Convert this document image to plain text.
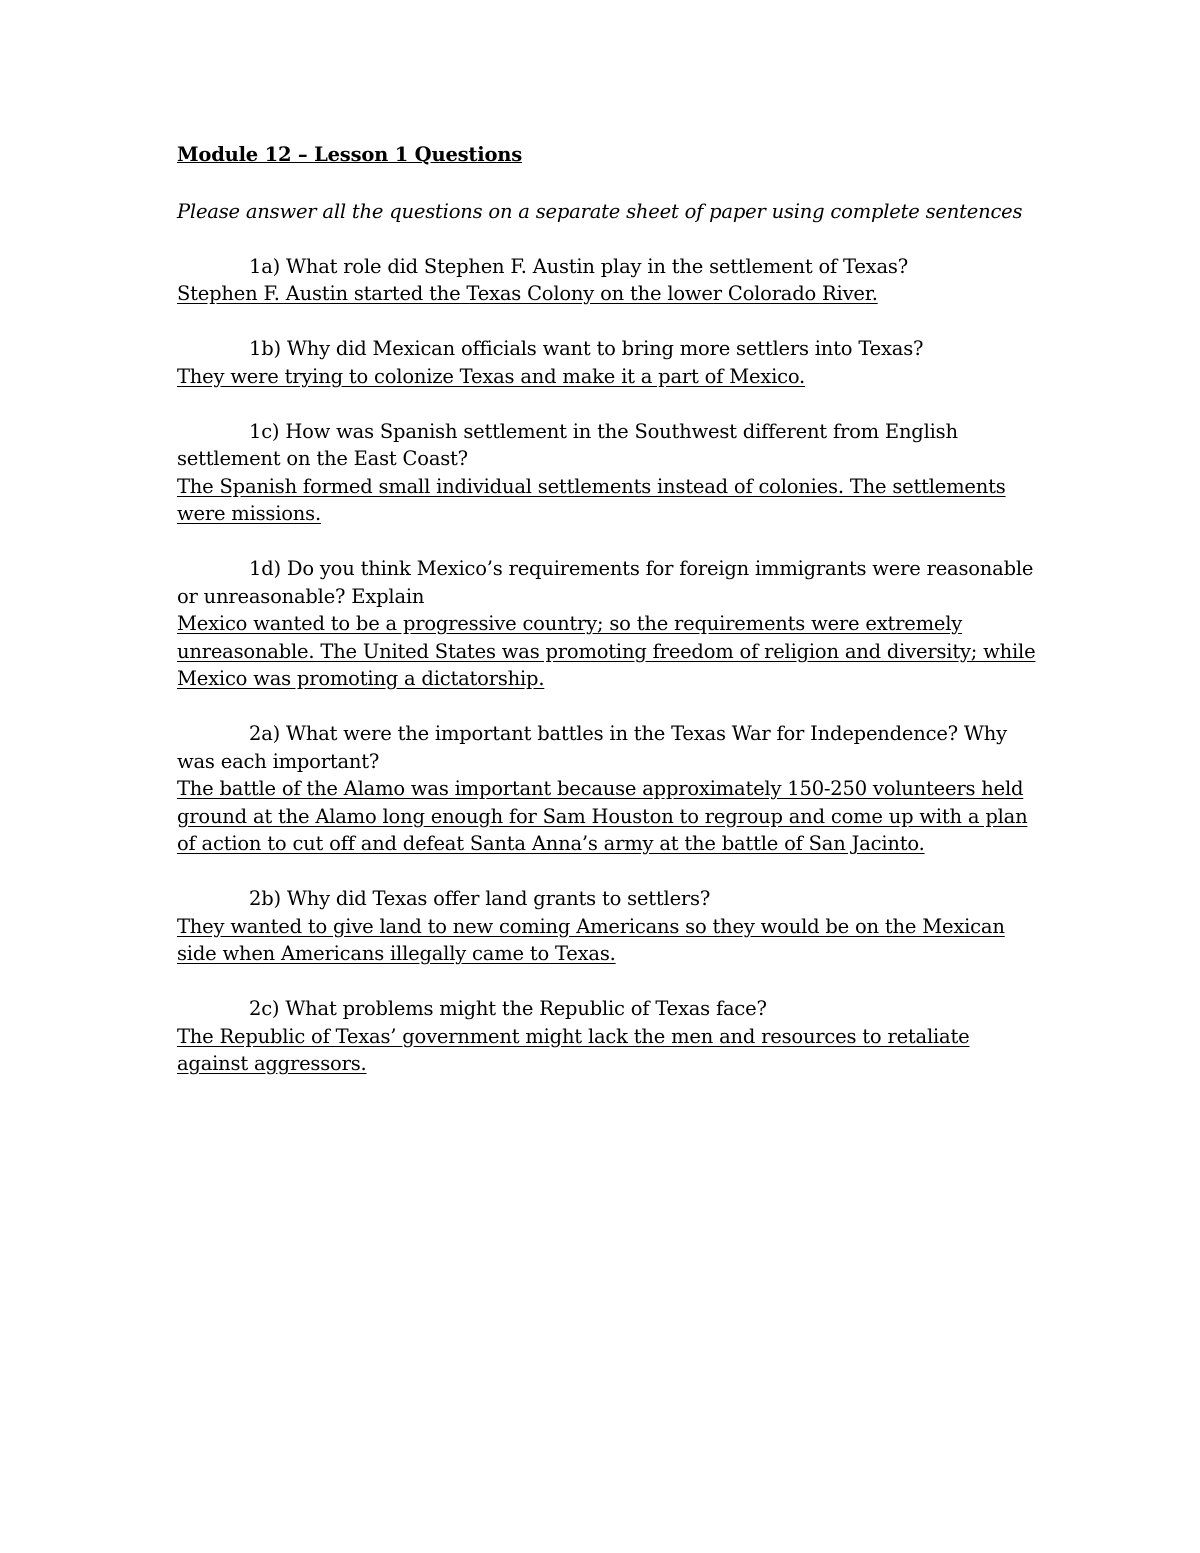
Module 12 – Lesson 1 Questions

Please answer all the questions on a separate sheet of paper using complete sentences

1a) What role did Stephen F. Austin play in the settlement of Texas?

Stephen F. Austin started the Texas Colony on the lower Colorado River.

1b) Why did Mexican officials want to bring more settlers into Texas?

They were trying to colonize Texas and make it a part of Mexico.

1c) How was Spanish settlement in the Southwest different from English settlement on the East Coast?

The Spanish formed small individual settlements instead of colonies. The settlements were missions.

1d) Do you think Mexico’s requirements for foreign immigrants were reasonable or unreasonable? Explain

Mexico wanted to be a progressive country; so the requirements were extremely unreasonable. The United States was promoting freedom of religion and diversity; while Mexico was promoting a dictatorship.

2a) What were the important battles in the Texas War for Independence? Why was each important?

The battle of the Alamo was important because approximately 150-250 volunteers held ground at the Alamo long enough for Sam Houston to regroup and come up with a plan of action to cut off and defeat Santa Anna’s army at the battle of San Jacinto.

2b) Why did Texas offer land grants to settlers?

They wanted to give land to new coming Americans so they would be on the Mexican side when Americans illegally came to Texas.

2c) What problems might the Republic of Texas face?

The Republic of Texas’ government might lack the men and resources to retaliate against aggressors.
